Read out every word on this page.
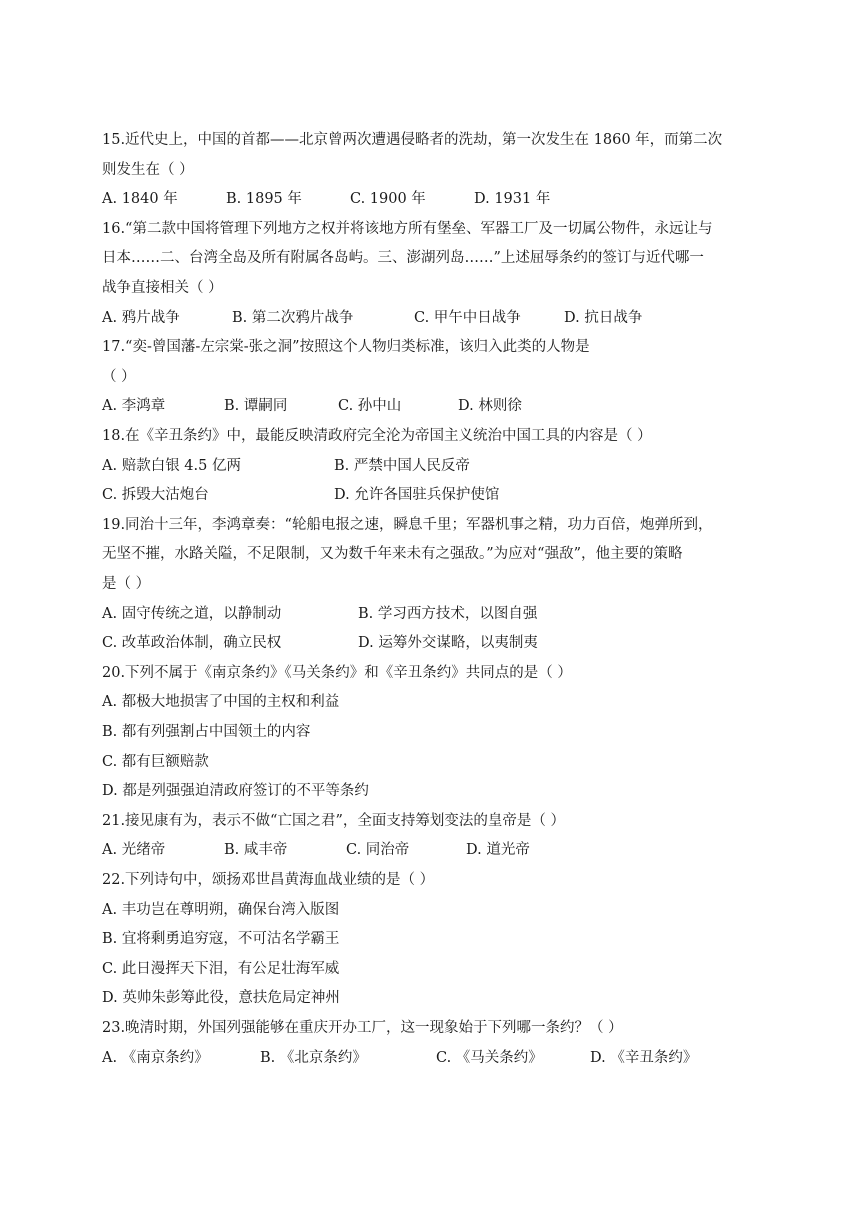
15.近代史上，中国的首都——北京曾两次遭遇侵略者的洗劫，第一次发生在 1860 年，而第二次
则发生在（ ）
A. 1840 年	B. 1895 年	C. 1900 年	D. 1931 年
16.“第二款中国将管理下列地方之权并将该地方所有堡垒、军器工厂及一切属公物件，永远让与
日本……二、台湾全岛及所有附属各岛屿。三、澎湖列岛……”上述屈辱条约的签订与近代哪一
战争直接相关（ ）
A. 鸦片战争	B. 第二次鸦片战争	C. 甲午中日战争	D. 抗日战争
17.“奕-曾国藩-左宗棠-张之洞”按照这个人物归类标准，该归入此类的人物是
（ ）
A. 李鸿章	B. 谭嗣同	C. 孙中山	D. 林则徐
18.在《辛丑条约》中，最能反映清政府完全沦为帝国主义统治中国工具的内容是（ ）
A. 赔款白银 4.5 亿两	B. 严禁中国人民反帝
C. 拆毁大沽炮台	D. 允许各国驻兵保护使馆
19.同治十三年，李鸿章奏：“轮船电报之速，瞬息千里；军器机事之精，功力百倍，炮弹所到，
无坚不摧，水路关隘，不足限制，又为数千年来未有之强敌。”为应对“强敌”，他主要的策略
是（ ）
A. 固守传统之道，以静制动	B. 学习西方技术，以图自强
C. 改革政治体制，确立民权	D. 运筹外交谋略，以夷制夷
20.下列不属于《南京条约》《马关条约》和《辛丑条约》共同点的是（ ）
A. 都极大地损害了中国的主权和利益
B. 都有列强割占中国领土的内容
C. 都有巨额赔款
D. 都是列强强迫清政府签订的不平等条约
21.接见康有为，表示不做“亡国之君”，全面支持筹划变法的皇帝是（ ）
A. 光绪帝	B. 咸丰帝	C. 同治帝	D. 道光帝
22.下列诗句中，颂扬邓世昌黄海血战业绩的是（ ）
A. 丰功岂在尊明朔，确保台湾入版图
B. 宜将剩勇追穷寇，不可沽名学霸王
C. 此日漫挥天下泪，有公足壮海军威
D. 英帅朱彭筹此役，意扶危局定神州
23.晚清时期，外国列强能够在重庆开办工厂，这一现象始于下列哪一条约？（ ）
A. 《南京条约》	B. 《北京条约》	C. 《马关条约》	D. 《辛丑条约》
